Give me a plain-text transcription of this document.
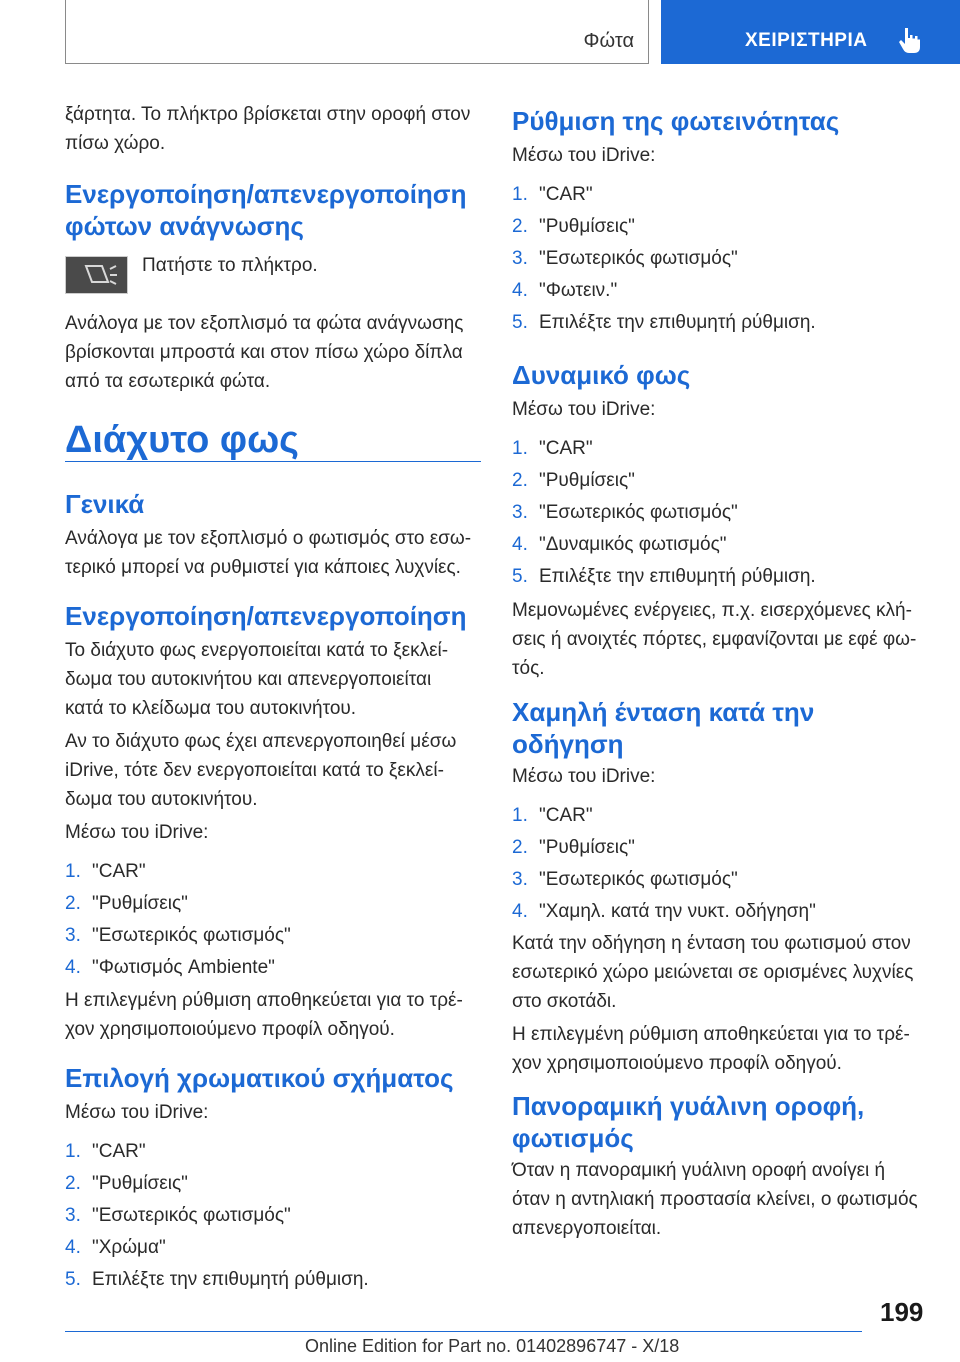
Φώτα	ΧΕΙΡΙΣΤΗΡΙΑ
ξάρτητα. Το πλήκτρο βρίσκεται στην οροφή στον
πίσω χώρο.
Ενεργοποίηση/απενεργοποίηση
φώτων ανάγνωσης
Πατήστε το πλήκτρο.
Ανάλογα με τον εξοπλισμό τα φώτα ανάγνωσης
βρίσκονται μπροστά και στον πίσω χώρο δίπλα
από τα εσωτερικά φώτα.
Διάχυτο φως
Γενικά
Ανάλογα με τον εξοπλισμό ο φωτισμός στο εσω-
τερικό μπορεί να ρυθμιστεί για κάποιες λυχνίες.
Ενεργοποίηση/απενεργοποίηση
Το διάχυτο φως ενεργοποιείται κατά το ξεκλεί-
δωμα του αυτοκινήτου και απενεργοποιείται
κατά το κλείδωμα του αυτοκινήτου.
Αν το διάχυτο φως έχει απενεργοποιηθεί μέσω
iDrive, τότε δεν ενεργοποιείται κατά το ξεκλεί-
δωμα του αυτοκινήτου.
Μέσω του iDrive:
1. "CAR"
2. "Ρυθμίσεις"
3. "Εσωτερικός φωτισμός"
4. "Φωτισμός Ambiente"
Η επιλεγμένη ρύθμιση αποθηκεύεται για το τρέ-
χον χρησιμοποιούμενο προφίλ οδηγού.
Επιλογή χρωματικού σχήματος
Μέσω του iDrive:
1. "CAR"
2. "Ρυθμίσεις"
3. "Εσωτερικός φωτισμός"
4. "Χρώμα"
5. Επιλέξτε την επιθυμητή ρύθμιση.
Ρύθμιση της φωτεινότητας
Μέσω του iDrive:
1. "CAR"
2. "Ρυθμίσεις"
3. "Εσωτερικός φωτισμός"
4. "Φωτειν."
5. Επιλέξτε την επιθυμητή ρύθμιση.
Δυναμικό φως
Μέσω του iDrive:
1. "CAR"
2. "Ρυθμίσεις"
3. "Εσωτερικός φωτισμός"
4. "Δυναμικός φωτισμός"
5. Επιλέξτε την επιθυμητή ρύθμιση.
Μεμονωμένες ενέργειες, π.χ. εισερχόμενες κλή-
σεις ή ανοιχτές πόρτες, εμφανίζονται με εφέ φω-
τός.
Χαμηλή ένταση κατά την
οδήγηση
Μέσω του iDrive:
1. "CAR"
2. "Ρυθμίσεις"
3. "Εσωτερικός φωτισμός"
4. "Χαμηλ. κατά την νυκτ. οδήγηση"
Κατά την οδήγηση η ένταση του φωτισμού στον
εσωτερικό χώρο μειώνεται σε ορισμένες λυχνίες
στο σκοτάδι.
Η επιλεγμένη ρύθμιση αποθηκεύεται για το τρέ-
χον χρησιμοποιούμενο προφίλ οδηγού.
Πανοραμική γυάλινη οροφή,
φωτισμός
Όταν η πανοραμική γυάλινη οροφή ανοίγει ή
όταν η αντηλιακή προστασία κλείνει, ο φωτισμός
απενεργοποιείται.
199
Online Edition for Part no. 01402896747 - X/18
